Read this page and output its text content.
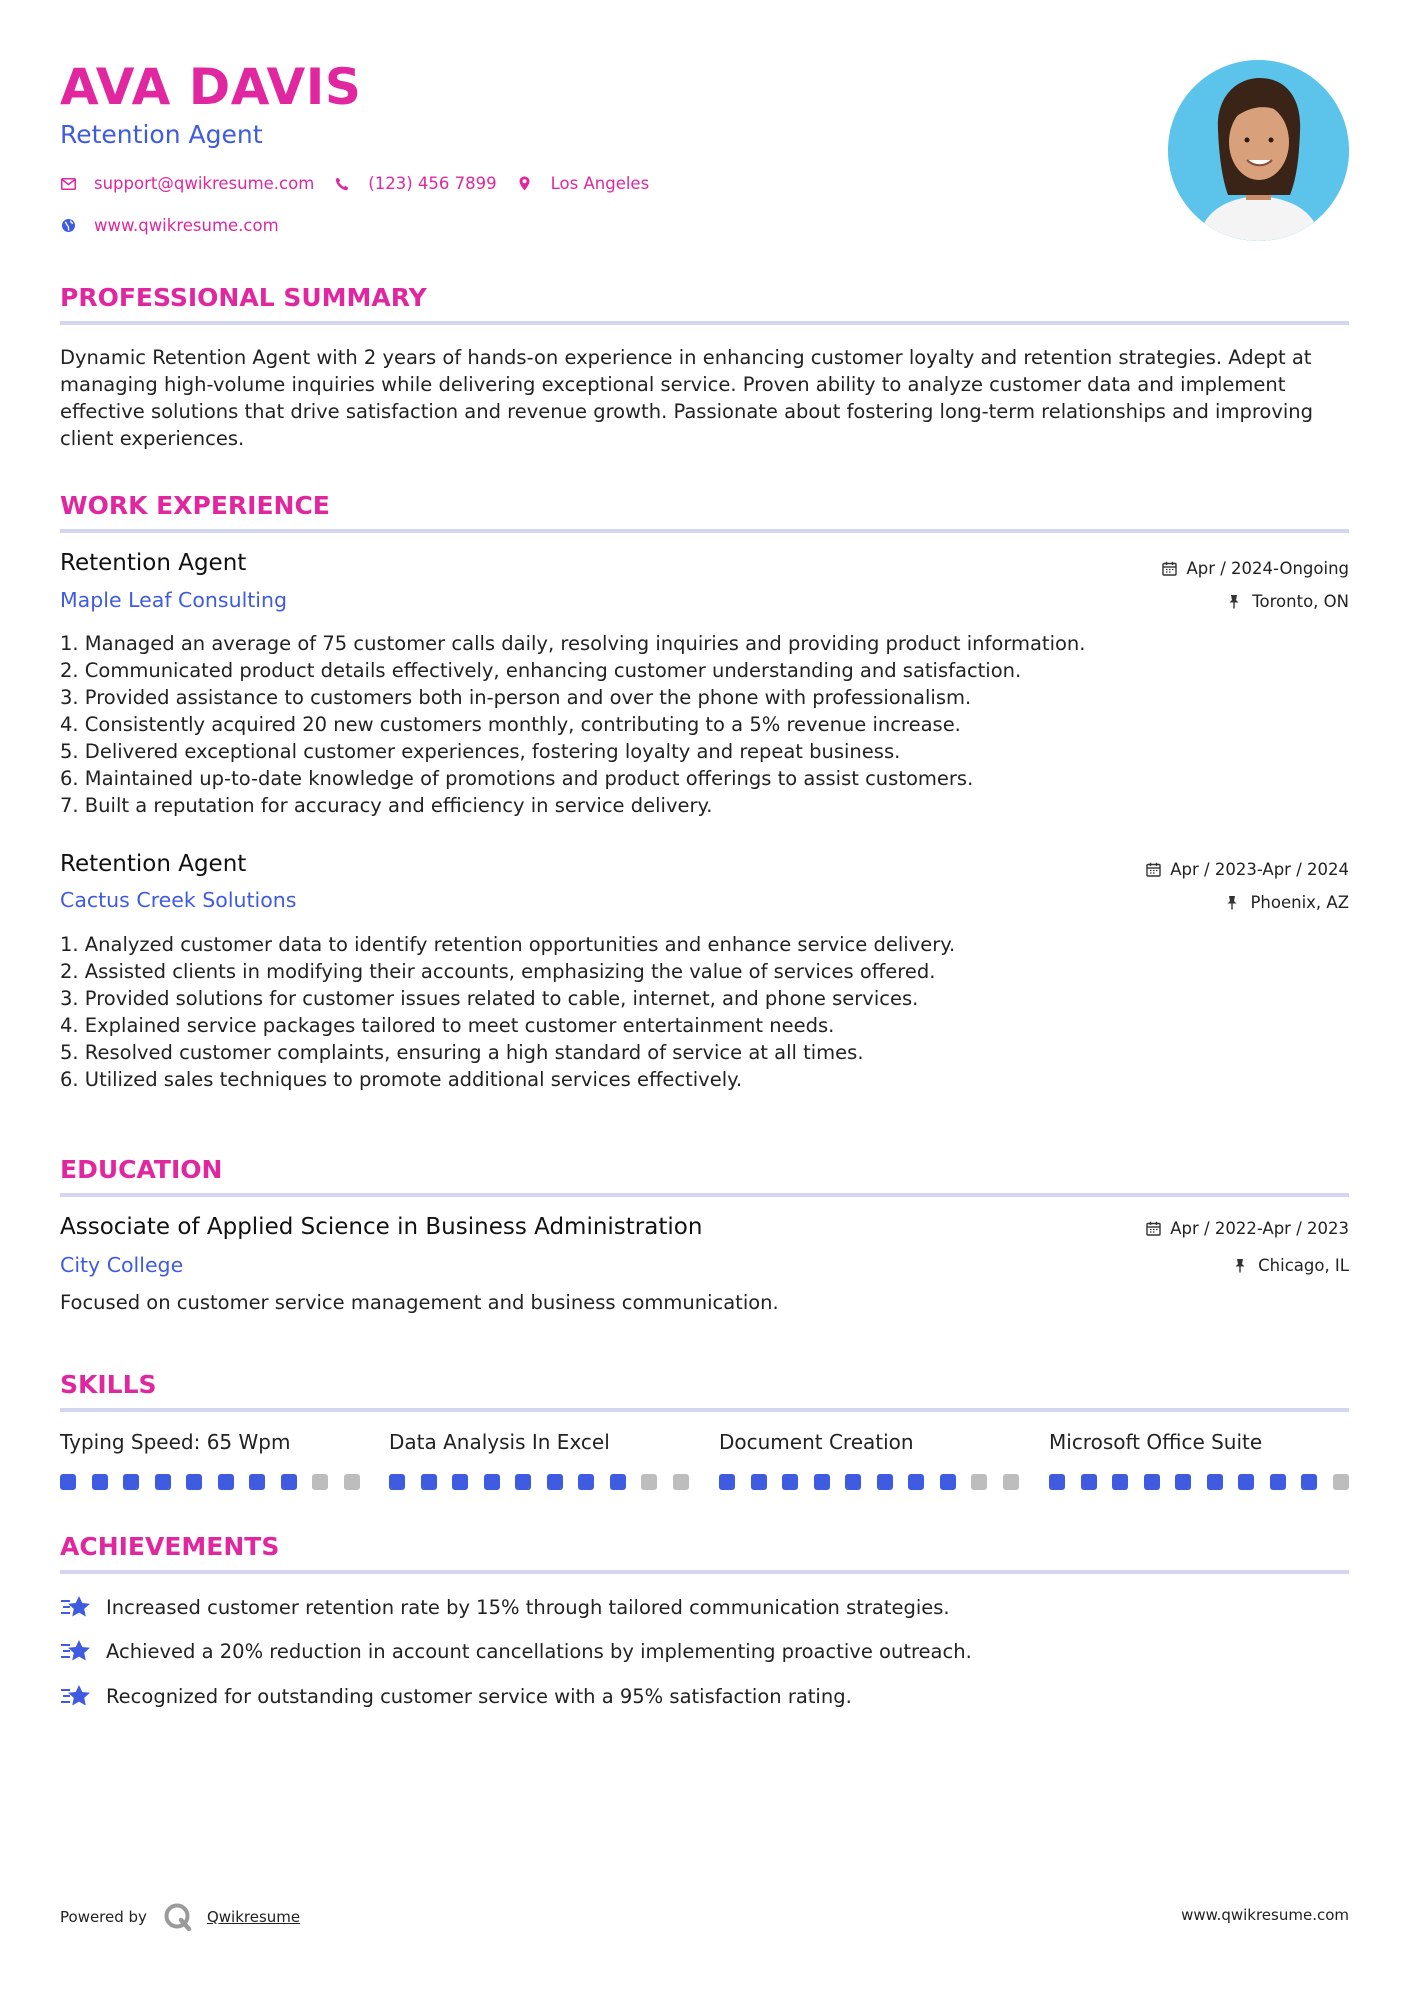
AVA DAVIS
Retention Agent
support@qwikresume.com	(123) 456 7899	Los Angeles
www.qwikresume.com
PROFESSIONAL SUMMARY
Dynamic Retention Agent with 2 years of hands-on experience in enhancing customer loyalty and retention strategies. Adept at managing high-volume inquiries while delivering exceptional service. Proven ability to analyze customer data and implement effective solutions that drive satisfaction and revenue growth. Passionate about fostering long-term relationships and improving client experiences.
WORK EXPERIENCE
Retention Agent
Maple Leaf Consulting
Apr / 2024-Ongoing
Toronto, ON
1. Managed an average of 75 customer calls daily, resolving inquiries and providing product information.
2. Communicated product details effectively, enhancing customer understanding and satisfaction.
3. Provided assistance to customers both in-person and over the phone with professionalism.
4. Consistently acquired 20 new customers monthly, contributing to a 5% revenue increase.
5. Delivered exceptional customer experiences, fostering loyalty and repeat business.
6. Maintained up-to-date knowledge of promotions and product offerings to assist customers.
7. Built a reputation for accuracy and efficiency in service delivery.
Retention Agent
Cactus Creek Solutions
Apr / 2023-Apr / 2024
Phoenix, AZ
1. Analyzed customer data to identify retention opportunities and enhance service delivery.
2. Assisted clients in modifying their accounts, emphasizing the value of services offered.
3. Provided solutions for customer issues related to cable, internet, and phone services.
4. Explained service packages tailored to meet customer entertainment needs.
5. Resolved customer complaints, ensuring a high standard of service at all times.
6. Utilized sales techniques to promote additional services effectively.
EDUCATION
Associate of Applied Science in Business Administration
City College
Apr / 2022-Apr / 2023
Chicago, IL
Focused on customer service management and business communication.
SKILLS
Typing Speed: 65 Wpm	Data Analysis In Excel	Document Creation	Microsoft Office Suite
ACHIEVEMENTS
Increased customer retention rate by 15% through tailored communication strategies.
Achieved a 20% reduction in account cancellations by implementing proactive outreach.
Recognized for outstanding customer service with a 95% satisfaction rating.
Powered by	Qwikresume	www.qwikresume.com
